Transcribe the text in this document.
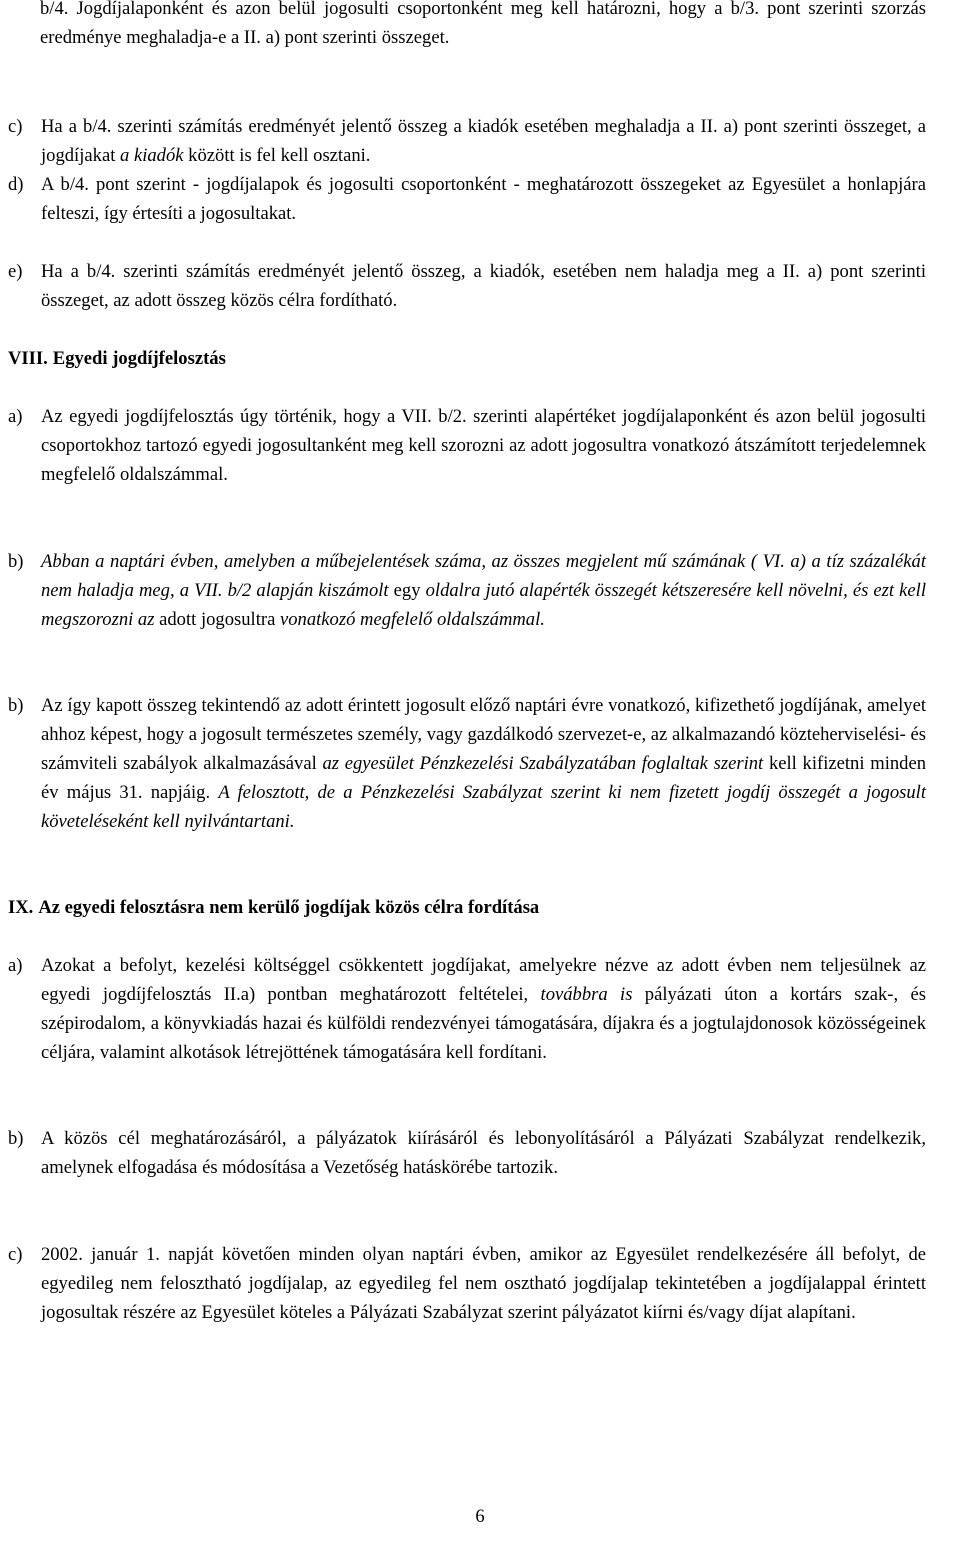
b/4. Jogdíjalaponként és azon belül jogosulti csoportonként meg kell határozni, hogy a b/3. pont szerinti szorzás eredménye meghaladja-e a II. a) pont szerinti összeget.
c) Ha a b/4. szerinti számítás eredményét jelentő összeg a kiadók esetében meghaladja a II. a) pont szerinti összeget, a jogdíjakat a kiadók között is fel kell osztani.
d) A b/4. pont szerint - jogdíjalapok és jogosulti csoportonként - meghatározott összegeket az Egyesület a honlapjára felteszi, így értesíti a jogosultakat.
e) Ha a b/4. szerinti számítás eredményét jelentő összeg, a kiadók, esetében nem haladja meg a II. a) pont szerinti összeget, az adott összeg közös célra fordítható.
VIII. Egyedi jogdíjfelosztás
a) Az egyedi jogdíjfelosztás úgy történik, hogy a VII. b/2. szerinti alapértéket jogdíjalaponként és azon belül jogosulti csoportokhoz tartozó egyedi jogosultanként meg kell szorozni az adott jogosultra vonatkozó átszámított terjedelemnek megfelelő oldalszámmal.
b) Abban a naptári évben, amelyben a műbejelentések száma, az összes megjelent mű számának ( VI. a) a tíz százalékát nem haladja meg, a VII. b/2 alapján kiszámolt egy oldalra jutó alapérték összegét kétszeresére kell növelni, és ezt kell megszorozni az adott jogosultra vonatkozó megfelelő oldalszámmal.
b) Az így kapott összeg tekintendő az adott érintett jogosult előző naptári évre vonatkozó, kifizethető jogdíjának, amelyet ahhoz képest, hogy a jogosult természetes személy, vagy gazdálkodó szervezet-e, az alkalmazandó közteherviselési- és számviteli szabályok alkalmazásával az egyesület Pénzkezelési Szabályzatában foglaltak szerint kell kifizetni minden év május 31. napjáig. A felosztott, de a Pénzkezelési Szabályzat szerint ki nem fizetett jogdíj összegét a jogosult követeléseként kell nyilvántartani.
IX. Az egyedi felosztásra nem kerülő jogdíjak közös célra fordítása
a) Azokat a befolyt, kezelési költséggel csökkentett jogdíjakat, amelyekre nézve az adott évben nem teljesülnek az egyedi jogdíjfelosztás II.a) pontban meghatározott feltételei, továbbra is pályázati úton a kortárs szak-, és szépirodalom, a könyvkiadás hazai és külföldi rendezvényei támogatására, díjakra és a jogtulajdonosok közösségeinek céljára, valamint alkotások létrejöttének támogatására kell fordítani.
b) A közös cél meghatározásáról, a pályázatok kiírásáról és lebonyolításáról a Pályázati Szabályzat rendelkezik, amelynek elfogadása és módosítása a Vezetőség hatáskörébe tartozik.
c) 2002. január 1. napját követően minden olyan naptári évben, amikor az Egyesület rendelkezésére áll befolyt, de egyedileg nem felosztható jogdíjalap, az egyedileg fel nem osztható jogdíjalap tekintetében a jogdíjalappal érintett jogosultak részére az Egyesület köteles a Pályázati Szabályzat szerint pályázatot kiírni és/vagy díjat alapítani.
6
